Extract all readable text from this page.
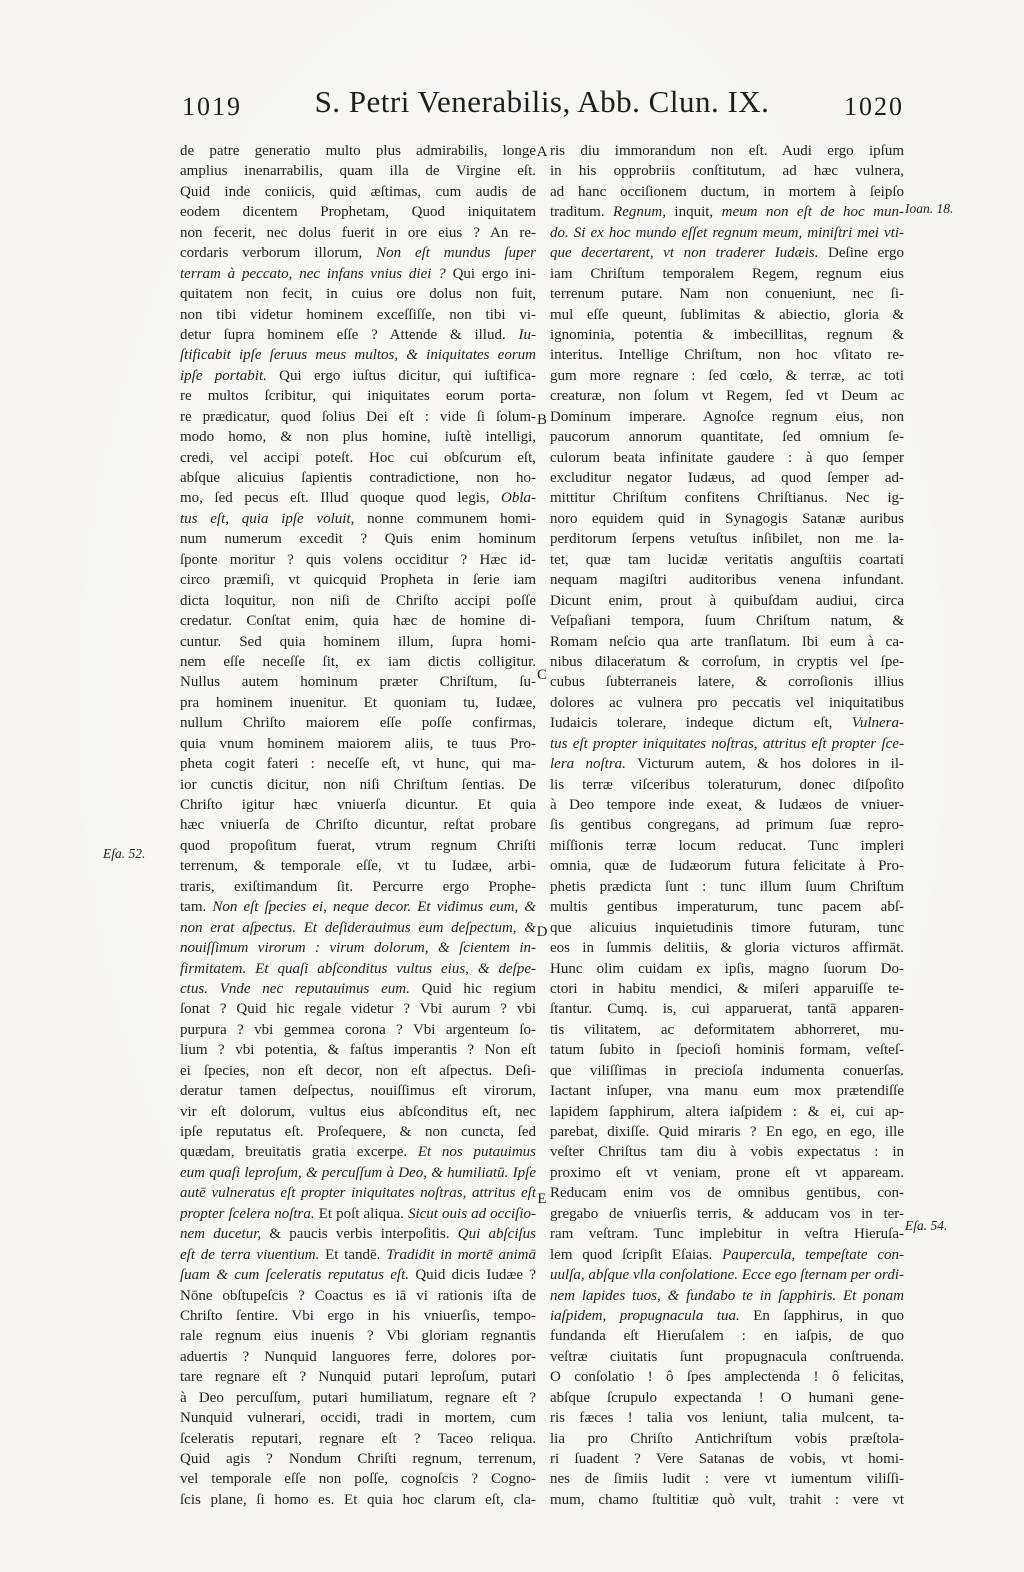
1019	S. Petri Venerabilis, Abb. Clun. IX.	1020
de patre generatio multo plus admirabilis, longe
amplius inenarrabilis, quam illa de Virgine eſt.
Quid inde coniicis, quid æſtimas, cum audis de
eodem dicentem Prophetam, Quod iniquitatem
non fecerit, nec dolus fuerit in ore eius ? An re-
cordaris verborum illorum, Non eſt mundus ſuper
terram à peccato, nec infans vnius diei ? Qui ergo ini-
quitatem non fecit, in cuius ore dolus non fuit,
non tibi videtur hominem exceſſiſſe, non tibi vi-
detur ſupra hominem eſſe ? Attende & illud. Iu-
ſtificabit ipſe ſeruus meus multos, & iniquitates eorum
ipſe portabit. Qui ergo iuſtus dicitur, qui iuſtifica-
re multos ſcribitur, qui iniquitates eorum porta-
re prædicatur, quod ſolius Dei eſt : vide ſi ſolum-
modo homo, & non plus homine, iuſtè intelligi,
credi, vel accipi poteſt. Hoc cui obſcurum eſt,
abſque alicuius ſapientis contradictione, non ho-
mo, ſed pecus eſt. Illud quoque quod legis, Obla-
tus eſt, quia ipſe voluit, nonne communem homi-
num numerum excedit ? Quis enim hominum
ſponte moritur ? quis volens occiditur ? Hæc id-
circo præmiſi, vt quicquid Propheta in ſerie iam
dicta loquitur, non niſi de Chriſto accipi poſſe
credatur. Conſtat enim, quia hæc de homine di-
cuntur. Sed quia hominem illum, ſupra homi-
nem eſſe neceſſe ſit, ex iam dictis colligitur.
Nullus autem hominum præter Chriſtum, ſu-
pra hominem inuenitur. Et quoniam tu, Iudæe,
nullum Chriſto maiorem eſſe poſſe confirmas,
quia vnum hominem maiorem aliis, te tuus Pro-
pheta cogit fateri : neceſſe eſt, vt hunc, qui ma-
ior cunctis dicitur, non niſi Chriſtum ſentias. De
Chriſto igitur hæc vniuerſa dicuntur. Et quia
hæc vniuerſa de Chriſto dicuntur, reſtat probare
quod propoſitum fuerat, vtrum regnum Chriſti
terrenum, & temporale eſſe, vt tu Iudæe, arbi-
traris, exiſtimandum ſit. Percurre ergo Prophe-
tam. Non eſt ſpecies ei, neque decor. Et vidimus eum, &
non erat aſpectus. Et deſiderauimus eum deſpectum, &
nouiſſimum virorum : virum dolorum, & ſcientem in-
firmitatem. Et quaſi abſconditus vultus eius, & deſpe-
ctus. Vnde nec reputauimus eum. Quid hic regium
ſonat ? Quid hic regale videtur ? Vbi aurum ? vbi
purpura ? vbi gemmea corona ? Vbi argenteum ſo-
lium ? vbi potentia, & faſtus imperantis ? Non eſt
ei ſpecies, non eſt decor, non eſt aſpectus. Deſi-
deratur tamen deſpectus, nouiſſimus eſt virorum,
vir eſt dolorum, vultus eius abſconditus eſt, nec
ipſe reputatus eſt. Proſequere, & non cuncta, ſed
quædam, breuitatis gratia excerpe. Et nos putauimus
eum quaſi leproſum, & percuſſum à Deo, & humiliatū. Ipſe
autē vulneratus eſt propter iniquitates noſtras, attritus eſt
propter ſcelera noſtra. Et poſt aliqua. Sicut ouis ad occiſio-
nem ducetur, & paucis verbis interpoſitis. Qui abſciſus
eſt de terra viuentium. Et tandē. Tradidit in mortē animā
ſuam & cum ſceleratis reputatus eſt. Quid dicis Iudæe ?
Nōne obſtupeſcis ? Coactus es iā vi rationis iſta de
Chriſto ſentire. Vbi ergo in his vniuerſis, tempo-
rale regnum eius inuenis ? Vbi gloriam regnantis
aduertis ? Nunquid languores ferre, dolores por-
tare regnare eſt ? Nunquid putari leproſum, putari
à Deo percuſſum, putari humiliatum, regnare eſt ?
Nunquid vulnerari, occidi, tradi in mortem, cum
ſceleratis reputari, regnare eſt ? Taceo reliqua.
Quid agis ? Nondum Chriſti regnum, terrenum,
vel temporale eſſe non poſſe, cognoſcis ? Cogno-
ſcis plane, ſi homo es. Et quia hoc clarum eſt, cla-
ris diu immorandum non eſt. Audi ergo ipſum
in his opprobriis conſtitutum, ad hæc vulnera,
ad hanc occiſionem ductum, in mortem à ſeipſo
traditum. Regnum, inquit, meum non eſt de hoc mun-
do. Si ex hoc mundo eſſet regnum meum, miniſtri mei vti-
que decertarent, vt non traderer Iudæis. Deſine ergo
iam Chriſtum temporalem Regem, regnum eius
terrenum putare. Nam non conueniunt, nec ſi-
mul eſſe queunt, ſublimitas & abiectio, gloria &
ignominia, potentia & imbecillitas, regnum &
interitus. Intellige Chriſtum, non hoc vſitato re-
gum more regnare : ſed cœlo, & terræ, ac toti
creaturæ, non ſolum vt Regem, ſed vt Deum ac
Dominum imperare. Agnoſce regnum eius, non
paucorum annorum quantitate, ſed omnium ſe-
culorum beata infinitate gaudere : à quo ſemper
excluditur negator Iudæus, ad quod ſemper ad-
mittitur Chriſtum confitens Chriſtianus. Nec ig-
noro equidem quid in Synagogis Satanæ auribus
perditorum ſerpens vetuſtus inſibilet, non me la-
tet, quæ tam lucidæ veritatis anguſtiis coartati
nequam magiſtri auditoribus venena infundant.
Dicunt enim, prout à quibuſdam audiui, circa
Veſpaſiani tempora, ſuum Chriſtum natum, &
Romam neſcio qua arte tranſlatum. Ibi eum à ca-
nibus dilaceratum & corroſum, in cryptis vel ſpe-
cubus ſubterraneis latere, & corroſionis illius
dolores ac vulnera pro peccatis vel iniquitatibus
Iudaicis tolerare, indeque dictum eſt, Vulnera-
tus eſt propter iniquitates noſtras, attritus eſt propter ſce-
lera noſtra. Victurum autem, & hos dolores in il-
lis terræ viſceribus toleraturum, donec diſpoſito
à Deo tempore inde exeat, & Iudæos de vniuer-
ſis gentibus congregans, ad primum ſuæ repro-
miſſionis terræ locum reducat. Tunc impleri
omnia, quæ de Iudæorum futura felicitate à Pro-
phetis prædicta ſunt : tunc illum ſuum Chriſtum
multis gentibus imperaturum, tunc pacem abſ-
que alicuius inquietudinis timore futuram, tunc
eos in ſummis delitiis, & gloria victuros affirmāt.
Hunc olim cuidam ex ipſis, magno ſuorum Do-
ctori in habitu mendici, & miſeri apparuiſſe te-
ſtantur. Cumq. is, cui apparuerat, tantā apparen-
tis vilitatem, ac deformitatem abhorreret, mu-
tatum ſubito in ſpecioſi hominis formam, veſteſ-
que viliſſimas in precioſa indumenta conuerſas.
Iactant inſuper, vna manu eum mox prætendiſſe
lapidem ſapphirum, altera iaſpidem : & ei, cui ap-
parebat, dixiſſe. Quid miraris ? En ego, en ego, ille
veſter Chriſtus tam diu à vobis expectatus : in
proximo eſt vt veniam, prone eſt vt appaream.
Reducam enim vos de omnibus gentibus, con-
gregabo de vniuerſis terris, & adducam vos in ter-
ram veſtram. Tunc implebitur in veſtra Hieruſa-
lem quod ſcripſit Eſaias. Paupercula, tempeſtate con-
uulſa, abſque vlla conſolatione. Ecce ego ſternam per ordi-
nem lapides tuos, & fundabo te in ſapphiris. Et ponam
iaſpidem, propugnacula tua. En ſapphirus, in quo
fundanda eſt Hieruſalem : en iaſpis, de quo
veſtræ ciuitatis ſunt propugnacula conſtruenda.
O conſolatio ! ô ſpes amplectenda ! ô felicitas,
abſque ſcrupulo expectanda ! O humani gene-
ris fæces ! talia vos leniunt, talia mulcent, ta-
lia pro Chriſto Antichriſtum vobis præſtola-
ri ſuadent ? Vere Satanas de vobis, vt homi-
nes de ſimiis ludit : vere vt iumentum viliſſi-
mum, chamo ſtultitiæ quò vult, trahit : vere vt
A
B
C
D
E
Eſa. 52.
Ioan. 18.
Eſa. 54.
